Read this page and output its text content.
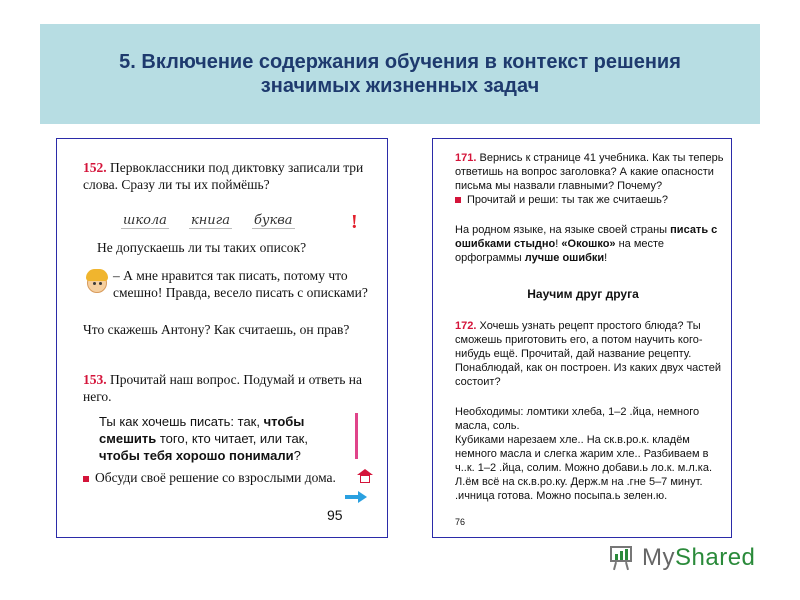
5. Включение содержания обучения в контекст решения
значимых жизненных задач
152. Первоклассники под диктовку записали три слова. Сразу ли ты их поймёшь?
школа книга буква	!
Не допускаешь ли ты таких описок?
– А мне нравится так писать, потому что смешно! Правда, весело писать с описками?
Что скажешь Антону? Как считаешь, он прав?
153. Прочитай наш вопрос. Подумай и ответь на него.
Ты как хочешь писать: так, чтобы смешить того, кто читает, или так, чтобы тебя хорошо понимали?
Обсуди своё решение со взрослыми дома.
95
171. Вернись к странице 41 учебника. Как ты теперь ответишь на вопрос заголовка? А какие опасности письма мы назвали главными? Почему?
Прочитай и реши: ты так же считаешь?
На родном языке, на языке своей страны писать с ошибками стыдно! «Окошко» на месте орфограммы лучше ошибки!
Научим друг друга
172. Хочешь узнать рецепт простого блюда? Ты сможешь приготовить его, а потом научить кого-нибудь ещё. Прочитай, дай название рецепту. Понаблюдай, как он построен. Из каких двух частей состоит?
Необходимы: ломтики хлеба, 1–2 .йца, немного масла, соль.
Кубиками нарезаем хле.. На ск.в.ро.к. кладём немного масла и слегка жарим хле.. Разбиваем в ч..к. 1–2 .йца, солим. Можно добави.ь ло.к. м.л.ка. Л.ём всё на ск.в.ро.ку. Держ.м на .гне 5–7 минут. .ичница готова. Можно посыпа.ь зелен.ю.
76
MyShared
